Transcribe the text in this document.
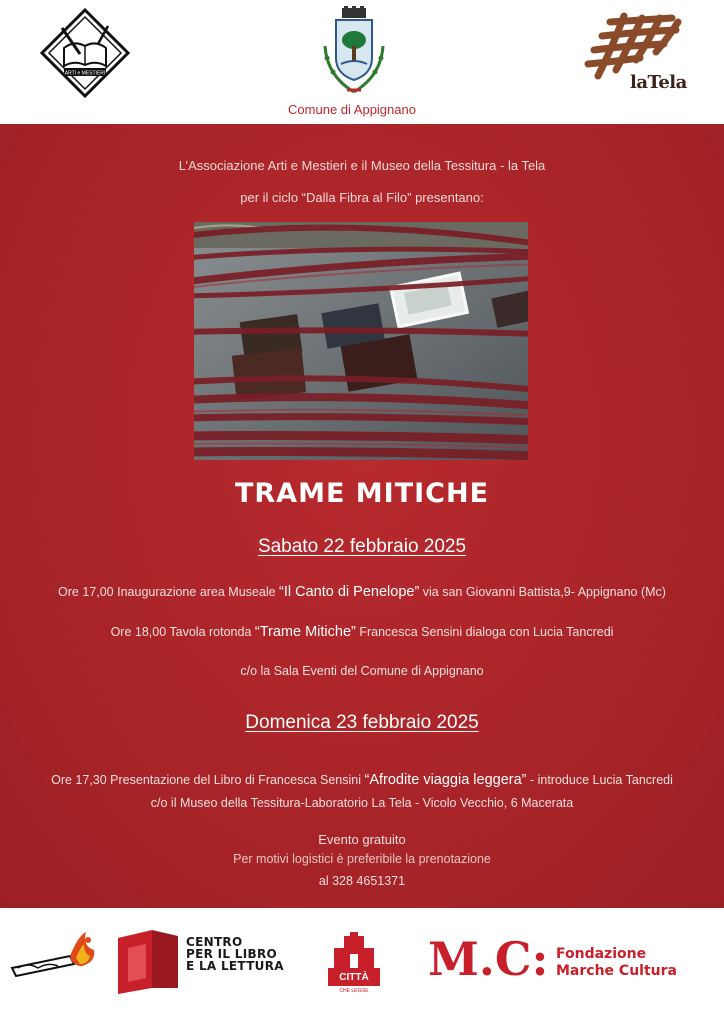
ARTI e MESTIERI
Comune di Appignano
laTela
L’Associazione Arti e Mestieri e il Museo della Tessitura - la Tela
per il ciclo “Dalla Fibra al Filo” presentano:
TRAME MITICHE
Sabato 22 febbraio 2025
Ore 17,00 Inaugurazione area Museale “Il Canto di Penelope” via san Giovanni Battista,9- Appignano (Mc)
Ore 18,00 Tavola rotonda “Trame Mitiche” Francesca Sensini dialoga con Lucia Tancredi
c/o la Sala Eventi del Comune di Appignano
Domenica 23 febbraio 2025
Ore 17,30 Presentazione del Libro di Francesca Sensini “Afrodite viaggia leggera” - introduce Lucia Tancredi
c/o il Museo della Tessitura-Laboratorio La Tela - Vicolo Vecchio, 6 Macerata
Evento gratuito
Per motivi logistici è preferibile la prenotazione
al 328 4651371
CENTRO
PER IL LIBRO
E LA LETTURA
CITTÀ
CHE LEGGE
M.C: Fondazione
Marche Cultura
